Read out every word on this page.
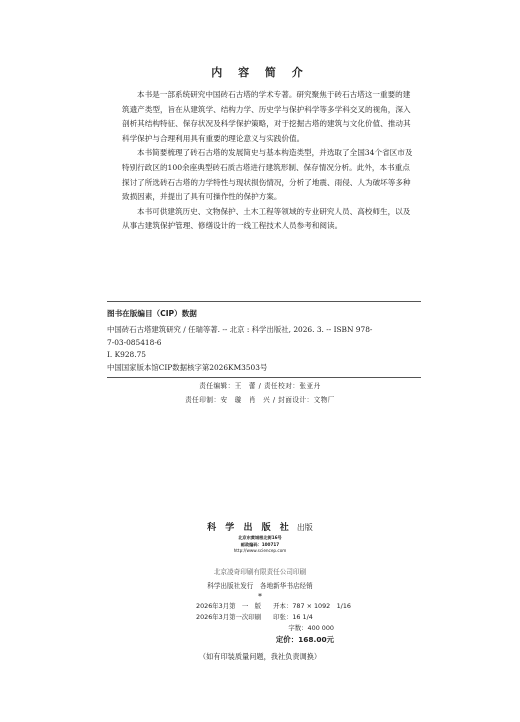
内 容 简 介

本书是一部系统研究中国砖石古塔的学术专著。研究聚焦于砖石古塔这一重要的建
筑遗产类型，旨在从建筑学、结构力学、历史学与保护科学等多学科交叉的视角，深入
剖析其结构特征、保存状况及科学保护策略，对于挖掘古塔的建筑与文化价值、推动其
科学保护与合理利用具有重要的理论意义与实践价值。

本书简要梳理了砖石古塔的发展简史与基本构造类型，并选取了全国34个省区市及
特别行政区的100余座典型砖石质古塔进行建筑形制、保存情况分析。此外，本书重点
探讨了所选砖石古塔的力学特性与现状损伤情况，分析了地震、雨侵、人为破坏等多种
致损因素，并提出了具有可操作性的保护方案。

本书可供建筑历史、文物保护、土木工程等领域的专业研究人员、高校师生，以及
从事古建筑保护管理、修缮设计的一线工程技术人员参考和阅读。

图书在版编目（CIP）数据
中国砖石古塔建筑研究 / 任瑞等著. -- 北京 : 科学出版社, 2026. 3. -- ISBN 978-
7-03-085418-6
Ⅰ. K928.75
中国国家版本馆CIP数据核字第2026KM3503号
责任编辑：王　蕾 / 责任校对：张亚丹
责任印制：安　璇　肖　兴 / 封面设计：文物厂
科 学 出 版 社 出版
北京东黄城根北街16号
邮政编码：100717
http://www.sciencep.com
北京凌奇印刷有限责任公司印刷
科学出版社发行　各地新华书店经销
*
2026年3月第　一　版 开本：787 × 1092　1/16
2026年3月第一次印刷 印张：16 1/4
字数：400 000
定价：168.00元
（如有印装质量问题，我社负责调换）
